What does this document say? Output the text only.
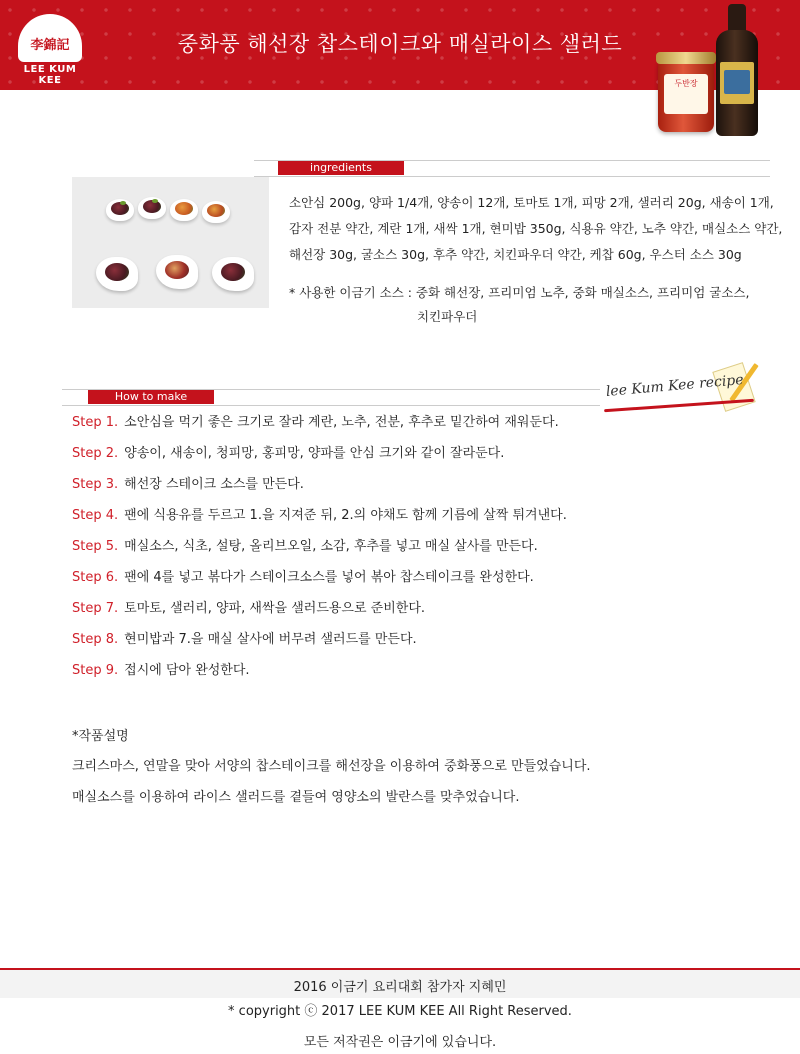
李錦記
LEE KUM KEE
중화풍 해선장 찹스테이크와 매실라이스 샐러드
두반장
ingredients
소안심 200g, 양파 1/4개, 양송이 12개, 토마토 1개, 피망 2개, 샐러리 20g, 새송이 1개,
감자 전분 약간, 계란 1개, 새싹 1개, 현미밥 350g, 식용유 약간, 노추 약간, 매실소스 약간,
해선장 30g, 굴소스 30g, 후추 약간, 치킨파우더 약간, 케찹 60g, 우스터 소스 30g
* 사용한 이금기 소스 : 중화 해선장, 프리미엄 노추, 중화 매실소스, 프리미엄 굴소스,
치킨파우더
How to make	lee Kum Kee recipe
Step 1. 소안심을 먹기 좋은 크기로 잘라 계란, 노추, 전분, 후추로 밑간하여 재워둔다.
Step 2. 양송이, 새송이, 청피망, 홍피망, 양파를 안심 크기와 같이 잘라둔다.
Step 3. 해선장 스테이크 소스를 만든다.
Step 4. 팬에 식용유를 두르고 1.을 지져준 뒤, 2.의 야채도 함께 기름에 살짝 튀겨낸다.
Step 5. 매실소스, 식초, 설탕, 올리브오일, 소감, 후추를 넣고 매실 살사를 만든다.
Step 6. 팬에 4를 넣고 볶다가 스테이크소스를 넣어 볶아 찹스테이크를 완성한다.
Step 7. 토마토, 샐러리, 양파, 새싹을 샐러드용으로 준비한다.
Step 8. 현미밥과 7.을 매실 살사에 버무려 샐러드를 만든다.
Step 9. 접시에 담아 완성한다.
*작품설명
크리스마스, 연말을 맞아 서양의 찹스테이크를 해선장을 이용하여 중화풍으로 만들었습니다.
매실소스를 이용하여 라이스 샐러드를 곁들여 영양소의 발란스를 맞추었습니다.
2016 이금기 요리대회 참가자 지혜민
* copyright ⓒ 2017 LEE KUM KEE All Right Reserved.
모든 저작권은 이금기에 있습니다.
